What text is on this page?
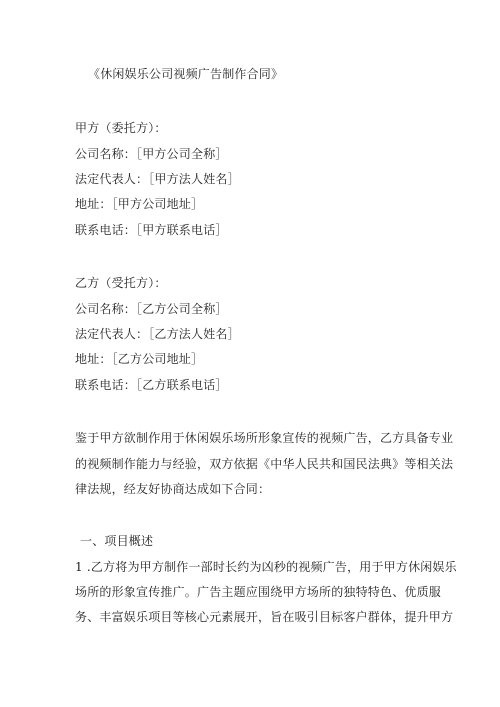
《休闲娱乐公司视频广告制作合同》
甲方（委托方）：
公司名称：［甲方公司全称］
法定代表人：［甲方法人姓名］
地址：［甲方公司地址］
联系电话：［甲方联系电话］
乙方（受托方）：
公司名称：［乙方公司全称］
法定代表人：［乙方法人姓名］
地址：［乙方公司地址］
联系电话：［乙方联系电话］
鉴于甲方欲制作用于休闲娱乐场所形象宣传的视频广告，乙方具备专业
的视频制作能力与经验，双方依据《中华人民共和国民法典》等相关法
律法规，经友好协商达成如下合同：
一、项目概述
1 .乙方将为甲方制作一部时长约为凶秒的视频广告，用于甲方休闲娱乐
场所的形象宣传推广。广告主题应围绕甲方场所的独特特色、优质服
务、丰富娱乐项目等核心元素展开，旨在吸引目标客户群体，提升甲方
